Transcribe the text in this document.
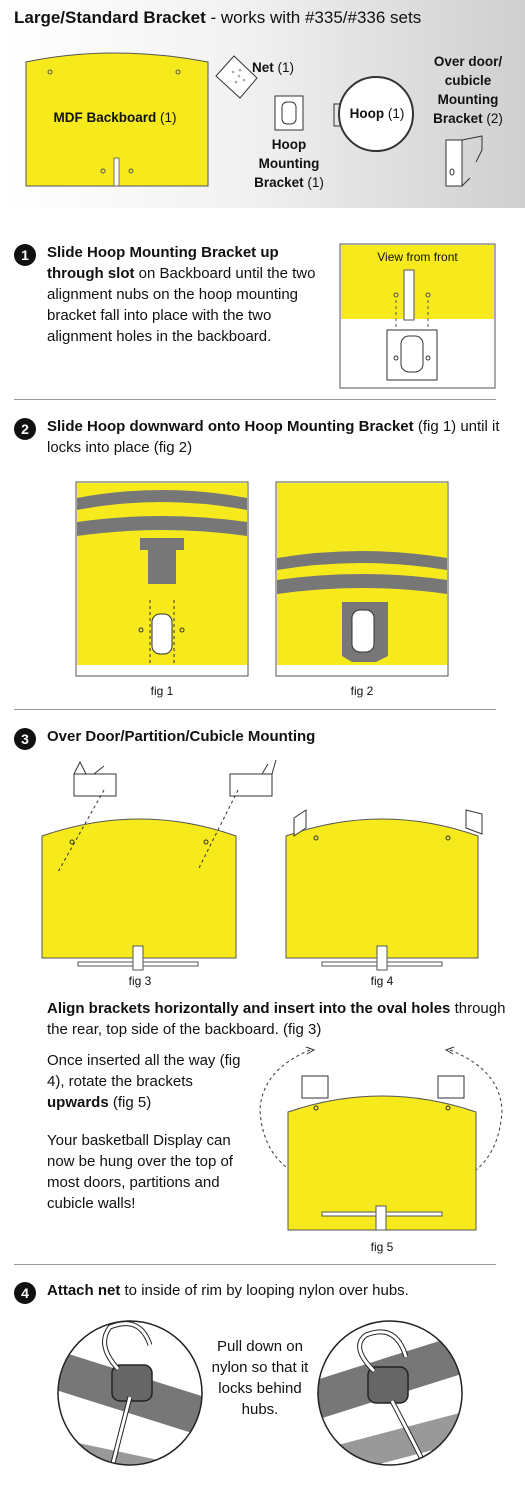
Large/Standard Bracket - works with #335/#336 sets
MDF Backboard (1)
Net (1)
Hoop (1)
Hoop Mounting Bracket (1)
Over door/ cubicle Mounting Bracket (2)
1	Slide Hoop Mounting Bracket up through slot on Backboard until the two alignment nubs on the hoop mounting bracket fall into place with the two alignment holes in the backboard.
View from front
2	Slide Hoop downward onto Hoop Mounting Bracket (fig 1) until it locks into place (fig 2)
fig 1	fig 2
3	Over Door/Partition/Cubicle Mounting
fig 3	fig 4
Align brackets horizontally and insert into the oval holes through the rear, top side of the backboard. (fig 3)
Once inserted all the way (fig 4), rotate the brackets upwards (fig 5)
Your basketball Display can now be hung over the top of most doors, partitions and cubicle walls!
fig 5
4	Attach net to inside of rim by looping nylon over hubs.
Pull down on nylon so that it locks behind hubs.
